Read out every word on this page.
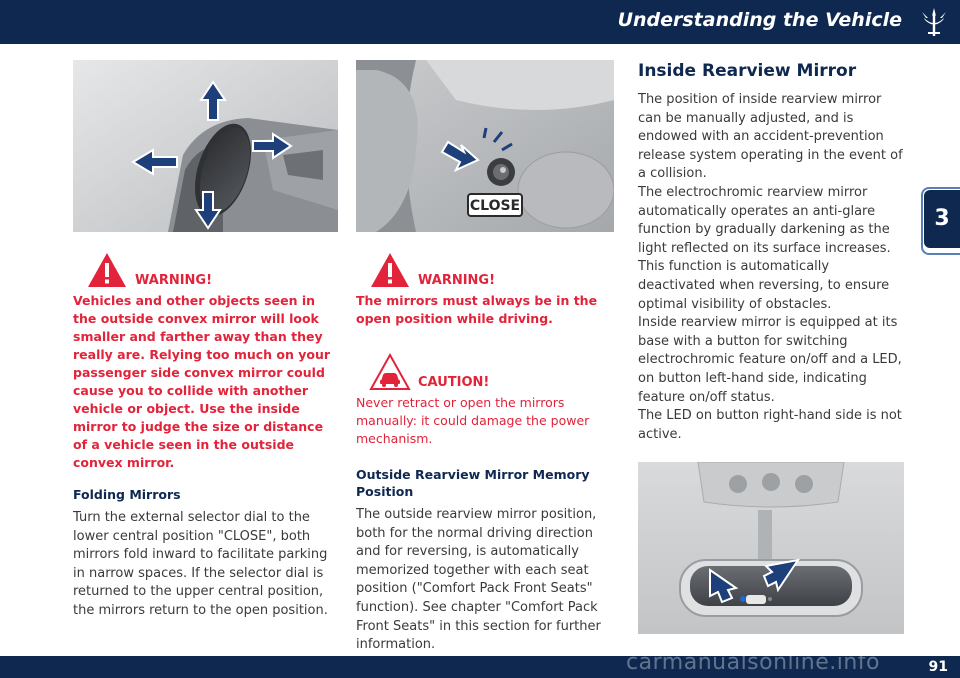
Understanding the Vehicle
3
WARNING!

Vehicles and other objects seen in the outside convex mirror will look smaller and farther away than they really are. Relying too much on your passenger side convex mirror could cause you to collide with another vehicle or object. Use the inside mirror to judge the size or distance of a vehicle seen in the outside convex mirror.

Folding Mirrors

Turn the external selector dial to the lower central position "CLOSE", both mirrors fold inward to facilitate parking in narrow spaces. If the selector dial is returned to the upper central position, the mirrors return to the open position.

CLOSE
WARNING!

The mirrors must always be in the open position while driving.

CAUTION!

Never retract or open the mirrors manually: it could damage the power mechanism.

Outside Rearview Mirror Memory Position

The outside rearview mirror position, both for the normal driving direction and for reversing, is automatically memorized together with each seat position ("Comfort Pack Front Seats" function). See chapter "Comfort Pack Front Seats" in this section for further information.

Inside Rearview Mirror

The position of inside rearview mirror can be manually adjusted, and is endowed with an accident-prevention release system operating in the event of a collision.

The electrochromic rearview mirror automatically operates an anti-glare function by gradually darkening as the light reflected on its surface increases. This function is automatically deactivated when reversing, to ensure optimal visibility of obstacles.

Inside rearview mirror is equipped at its base with a button for switching electrochromic feature on/off and a LED, on button left-hand side, indicating feature on/off status.

The LED on button right-hand side is not active.

91
carmanualsonline.info
